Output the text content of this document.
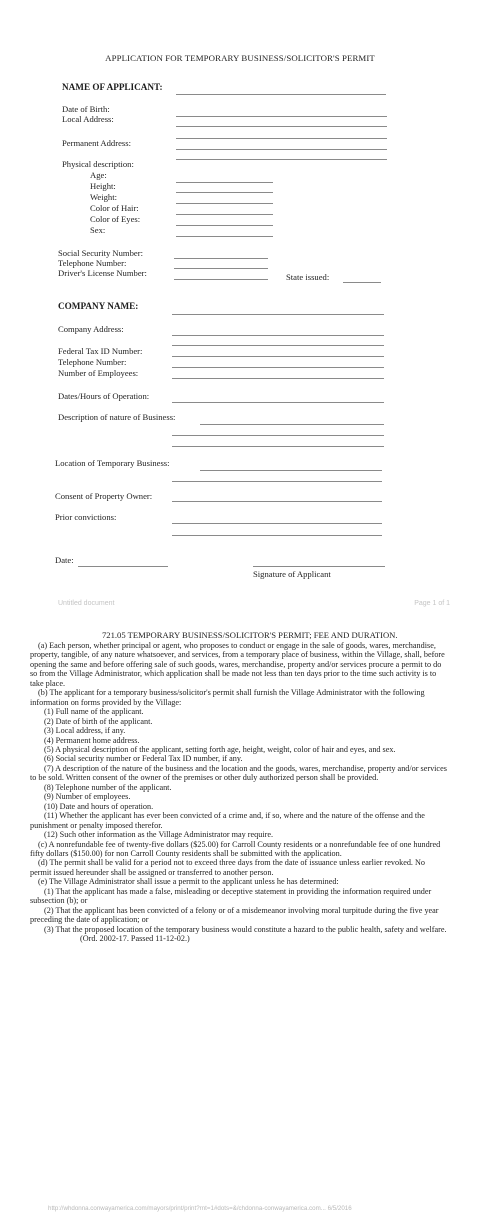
APPLICATION FOR TEMPORARY BUSINESS/SOLICITOR'S PERMIT
NAME OF APPLICANT:
Date of Birth:
Local Address:
Permanent Address:
Physical description:
Age:
Height:
Weight:
Color of Hair:
Color of Eyes:
Sex:
Social Security Number:
Telephone Number:
Driver's License Number:	State issued:
COMPANY NAME:
Company Address:
Federal Tax ID Number:
Telephone Number:
Number of Employees:
Dates/Hours of Operation:
Description of nature of Business:
Location of Temporary Business:
Consent of Property Owner:
Prior convictions:
Date:
Signature of Applicant
Untitled document	Page 1 of 1

721.05 TEMPORARY BUSINESS/SOLICITOR'S PERMIT; FEE AND DURATION.

(a) Each person, whether principal or agent, who proposes to conduct or engage in the sale of goods, wares, merchandise, property, tangible, of any nature whatsoever, and services, from a temporary place of business, within the Village, shall, before opening the same and before offering sale of such goods, wares, merchandise, property and/or services procure a permit to do so from the Village Administrator, which application shall be made not less than ten days prior to the time such activity is to take place.

(b) The applicant for a temporary business/solicitor's permit shall furnish the Village Administrator with the following information on forms provided by the Village:

(1) Full name of the applicant.

(2) Date of birth of the applicant.

(3) Local address, if any.

(4) Permanent home address.

(5) A physical description of the applicant, setting forth age, height, weight, color of hair and eyes, and sex.

(6) Social security number or Federal Tax ID number, if any.

(7) A description of the nature of the business and the location and the goods, wares, merchandise, property and/or services to be sold. Written consent of the owner of the premises or other duly authorized person shall be provided.

(8) Telephone number of the applicant.

(9) Number of employees.

(10) Date and hours of operation.

(11) Whether the applicant has ever been convicted of a crime and, if so, where and the nature of the offense and the punishment or penalty imposed therefor.

(12) Such other information as the Village Administrator may require.

(c) A nonrefundable fee of twenty-five dollars ($25.00) for Carroll County residents or a nonrefundable fee of one hundred fifty dollars ($150.00) for non Carroll County residents shall be submitted with the application.

(d) The permit shall be valid for a period not to exceed three days from the date of issuance unless earlier revoked. No permit issued hereunder shall be assigned or transferred to another person.

(e) The Village Administrator shall issue a permit to the applicant unless he has determined:

(1) That the applicant has made a false, misleading or deceptive statement in providing the information required under subsection (b); or

(2) That the applicant has been convicted of a felony or of a misdemeanor involving moral turpitude during the five year preceding the date of application; or

(3) That the proposed location of the temporary business would constitute a hazard to the public health, safety and welfare.

(Ord. 2002-17. Passed 11-12-02.)

http://whdonna.conwayamerica.com/mayors/print/print?rnt=1#dots=&/chdonna-conwayamerica.com... 6/5/2016
